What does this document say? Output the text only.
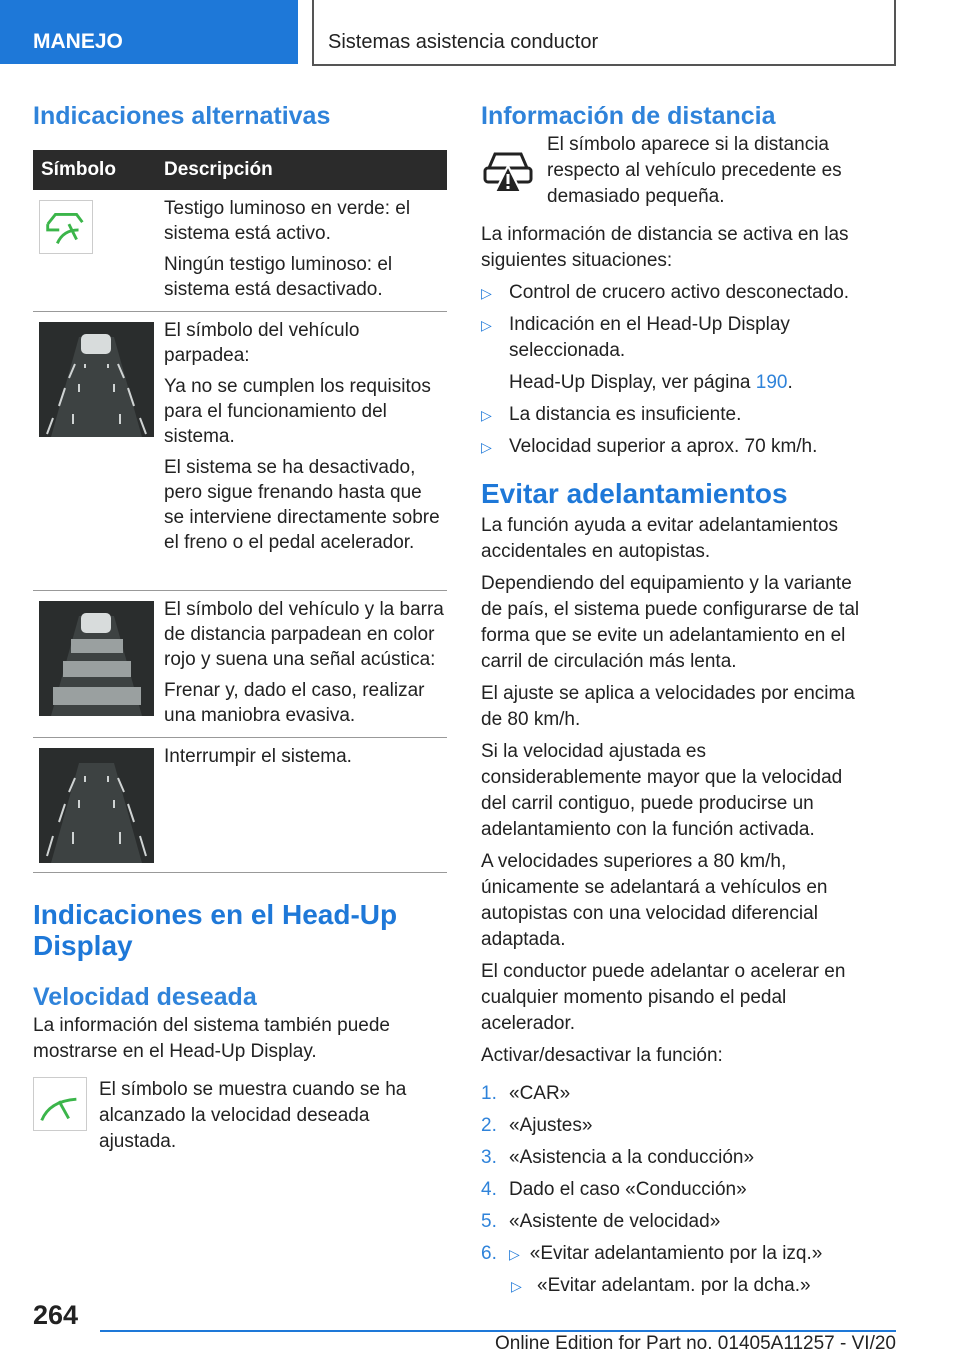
MANEJO	Sistemas asistencia conductor
Indicaciones alternativas
Símbolo	Descripción

Testigo luminoso en verde: el sistema está activo.

Ningún testigo luminoso: el sistema está desactivado.

El símbolo del vehículo parpadea:

Ya no se cumplen los requisitos para el funcionamiento del sistema.

El sistema se ha desactivado, pero sigue frenando hasta que se interviene directamente sobre el freno o el pedal acelerador.

El símbolo del vehículo y la barra de distancia parpadean en color rojo y suena una señal acústica:

Frenar y, dado el caso, realizar una maniobra evasiva.

Interrumpir el sistema.

Indicaciones en el Head-Up Display
Velocidad deseada

La información del sistema también puede mostrarse en el Head-Up Display.

El símbolo se muestra cuando se ha alcanzado la velocidad deseada ajustada.

Información de distancia

El símbolo aparece si la distancia respecto al vehículo precedente es demasiado pequeña.

La información de distancia se activa en las siguientes situaciones:

▷ Control de crucero activo desconectado.
▷ Indicación en el Head-Up Display seleccionada.
Head-Up Display, ver página 190.
▷ La distancia es insuficiente.
▷ Velocidad superior a aprox. 70 km/h.
Evitar adelantamientos

La función ayuda a evitar adelantamientos accidentales en autopistas.

Dependiendo del equipamiento y la variante de país, el sistema puede configurarse de tal forma que se evite un adelantamiento en el carril de circulación más lenta.

El ajuste se aplica a velocidades por encima de 80 km/h.

Si la velocidad ajustada es considerablemente mayor que la velocidad del carril contiguo, puede producirse un adelantamiento con la función activada.

A velocidades superiores a 80 km/h, únicamente se adelantará a vehículos en autopistas con una velocidad diferencial adaptada.

El conductor puede adelantar o acelerar en cualquier momento pisando el pedal acelerador.

Activar/desactivar la función:

1. «CAR»
2. «Ajustes»
3. «Asistencia a la conducción»
4. Dado el caso «Conducción»
5. «Asistente de velocidad»
6. ▷ «Evitar adelantamiento por la izq.»
▷ «Evitar adelantam. por la dcha.»
264
Online Edition for Part no. 01405A11257 - VI/20
